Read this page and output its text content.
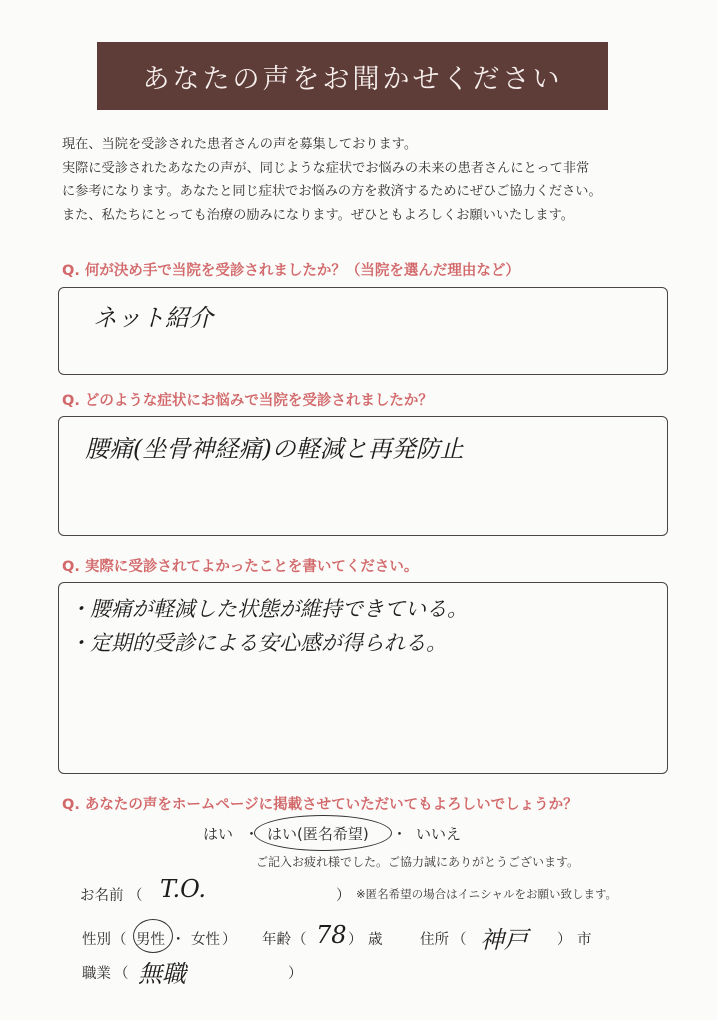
あなたの声をお聞かせください
現在、当院を受診された患者さんの声を募集しております。
実際に受診されたあなたの声が、同じような症状でお悩みの未来の患者さんにとって非常
に参考になります。あなたと同じ症状でお悩みの方を救済するためにぜひご協力ください。
また、私たちにとっても治療の励みになります。ぜひともよろしくお願いいたします。
Q. 何が決め手で当院を受診されましたか？（当院を選んだ理由など）
ネット紹介
Q. どのような症状にお悩みで当院を受診されましたか？
腰痛(坐骨神経痛)の軽減と再発防止
Q. 実際に受診されてよかったことを書いてください。
・腰痛が軽減した状態が維持できている。
・定期的受診による安心感が得られる。
Q. あなたの声をホームページに掲載させていただいてもよろしいでしょうか？
はい ・ はい(匿名希望) ・ いいえ
ご記入お疲れ様でした。ご協力誠にありがとうございます。
お名前 （ T.O.	） ※匿名希望の場合はイニシャルをお願い致します。
性別 （ 男性 ・ 女性 ） 年齢 （ 78 ） 歳	住所 （ 神戸 ） 市
職業 （ 無職	）
